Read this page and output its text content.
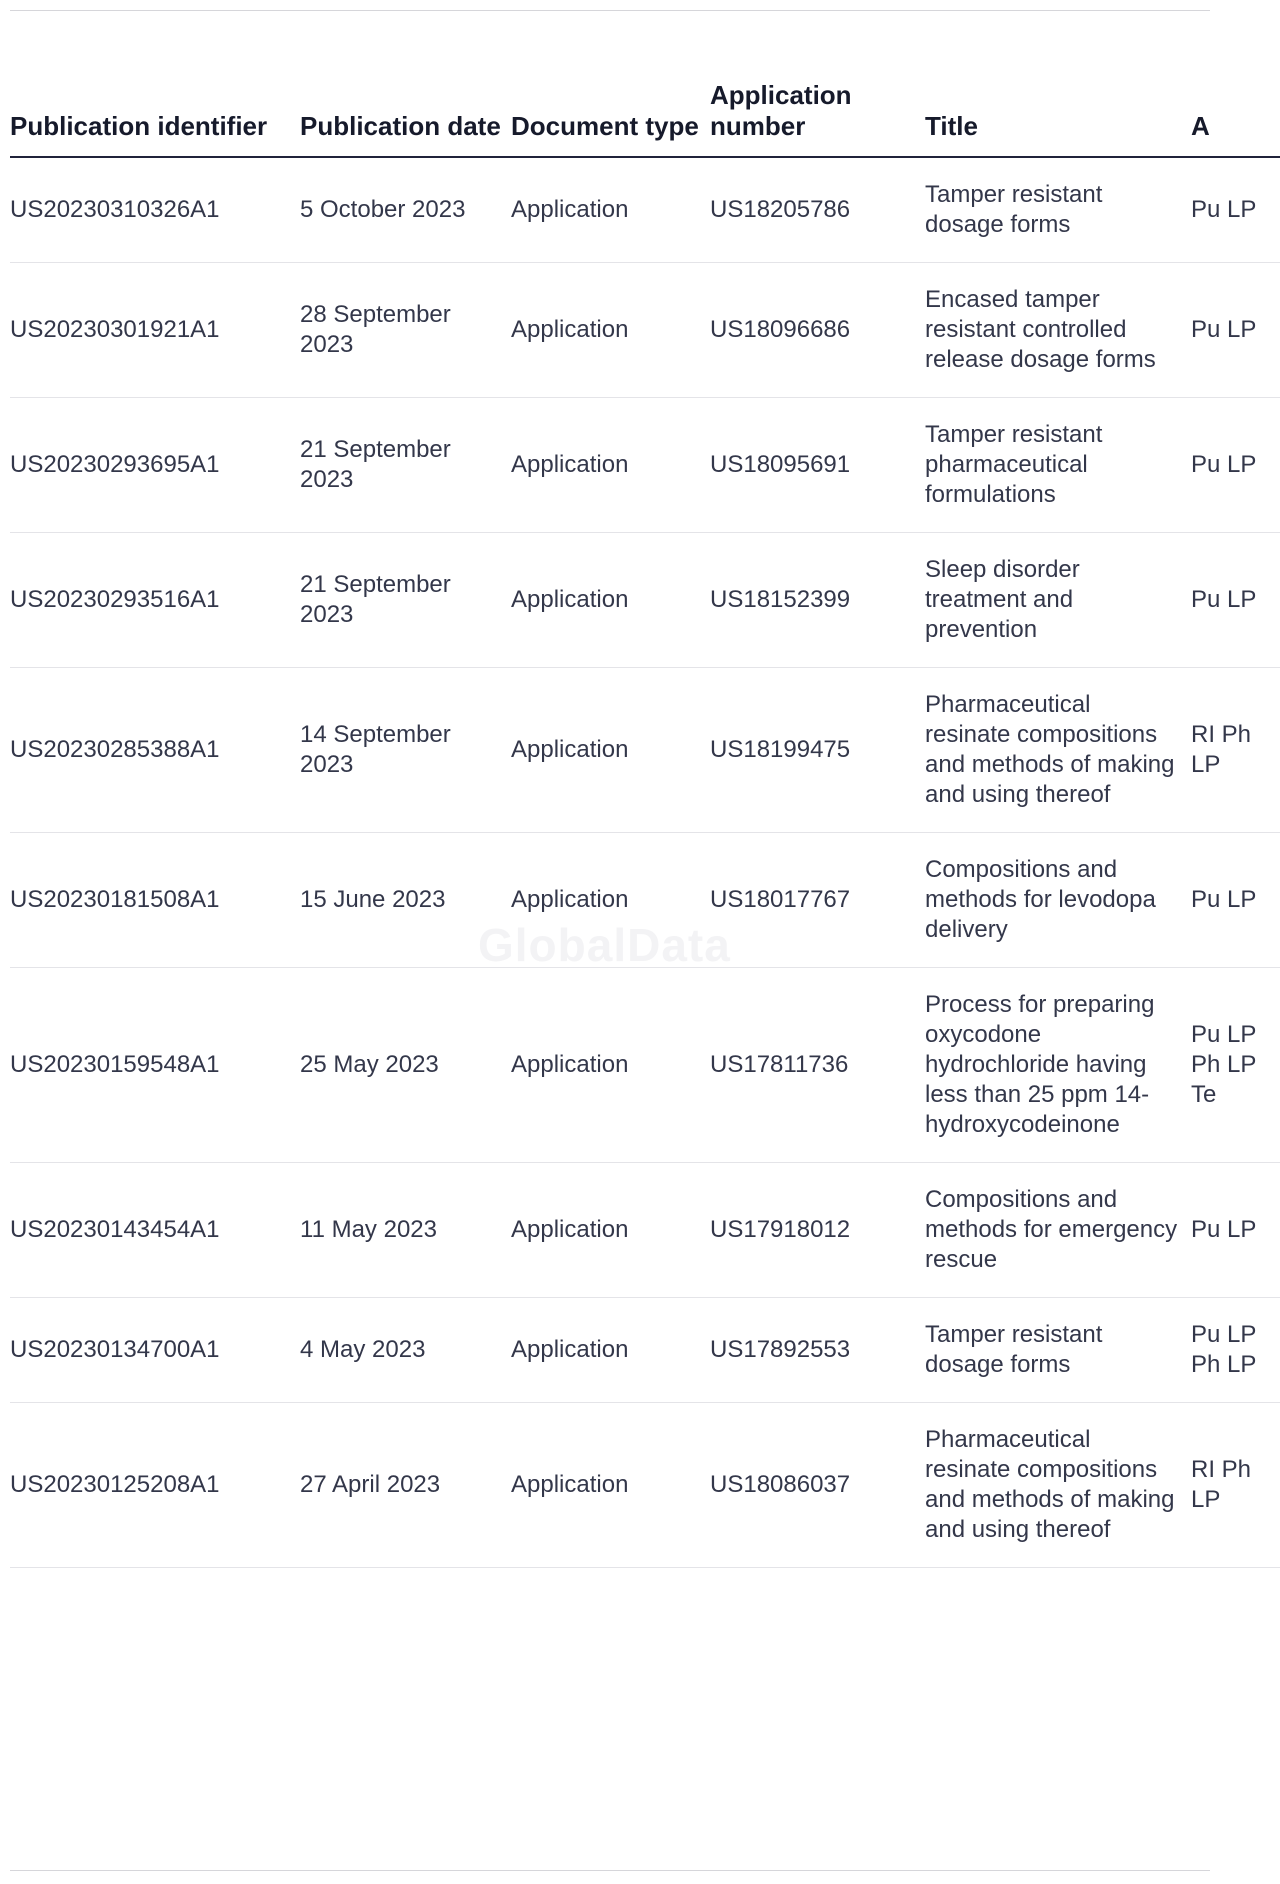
Publication identifier	Publication date	Document type	Application number	Title	A
US20230310326A1	5 October 2023	Application	US18205786	Tamper resistant dosage forms	Pu LP
US20230301921A1	28 September 2023	Application	US18096686	Encased tamper resistant controlled release dosage forms	Pu LP
US20230293695A1	21 September 2023	Application	US18095691	Tamper resistant pharmaceutical formulations	Pu LP
US20230293516A1	21 September 2023	Application	US18152399	Sleep disorder treatment and prevention	Pu LP
US20230285388A1	14 September 2023	Application	US18199475	Pharmaceutical resinate compositions and methods of making and using thereof	RI Ph LP
US20230181508A1	15 June 2023	Application	US18017767	Compositions and methods for levodopa delivery	Pu LP
US20230159548A1	25 May 2023	Application	US17811736	Process for preparing oxycodone hydrochloride having less than 25 ppm 14-hydroxycodeinone	Pu LP Ph LP Te
US20230143454A1	11 May 2023	Application	US17918012	Compositions and methods for emergency rescue	Pu LP
US20230134700A1	4 May 2023	Application	US17892553	Tamper resistant dosage forms	Pu LP Ph LP
US20230125208A1	27 April 2023	Application	US18086037	Pharmaceutical resinate compositions and methods of making and using thereof	RI Ph LP
GlobalData
